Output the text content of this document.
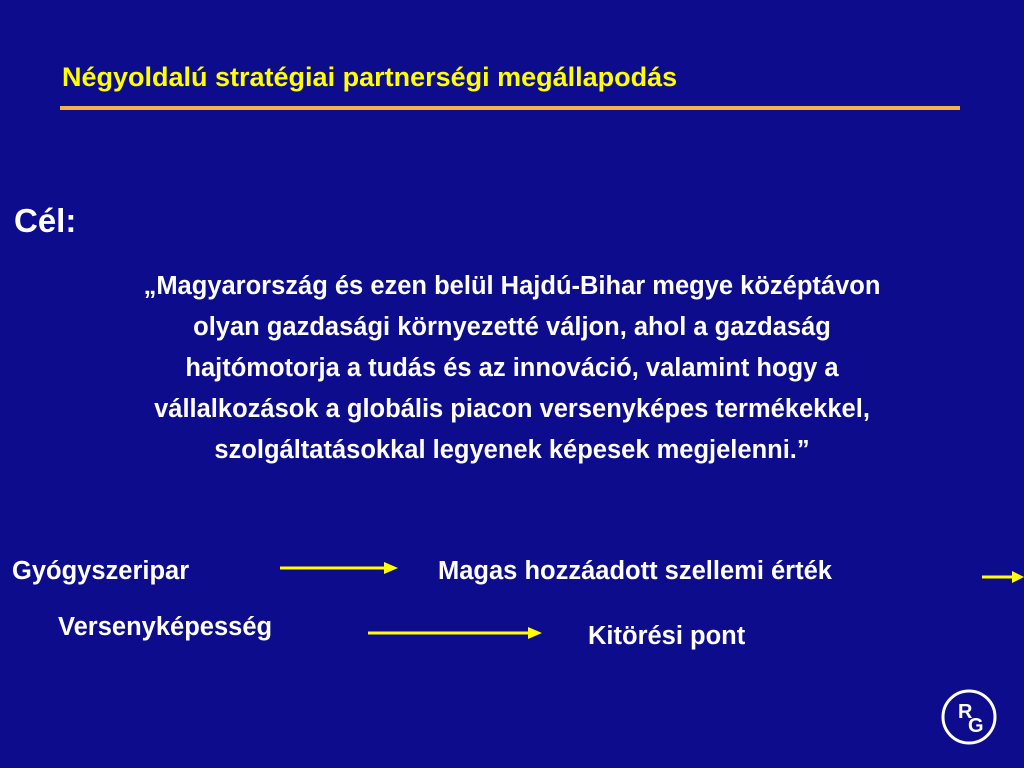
Négyoldalú stratégiai partnerségi megállapodás
Cél:
„Magyarország és ezen belül Hajdú-Bihar megye középtávon
olyan gazdasági környezetté váljon, ahol a gazdaság
hajtómotorja a tudás és az innováció, valamint hogy a
vállalkozások a globális piacon versenyképes termékekkel,
szolgáltatásokkal legyenek képesek megjelenni.”
Gyógyszeripar	Magas hozzáadott szellemi érték
Versenyképesség	Kitörési pont
R
G
